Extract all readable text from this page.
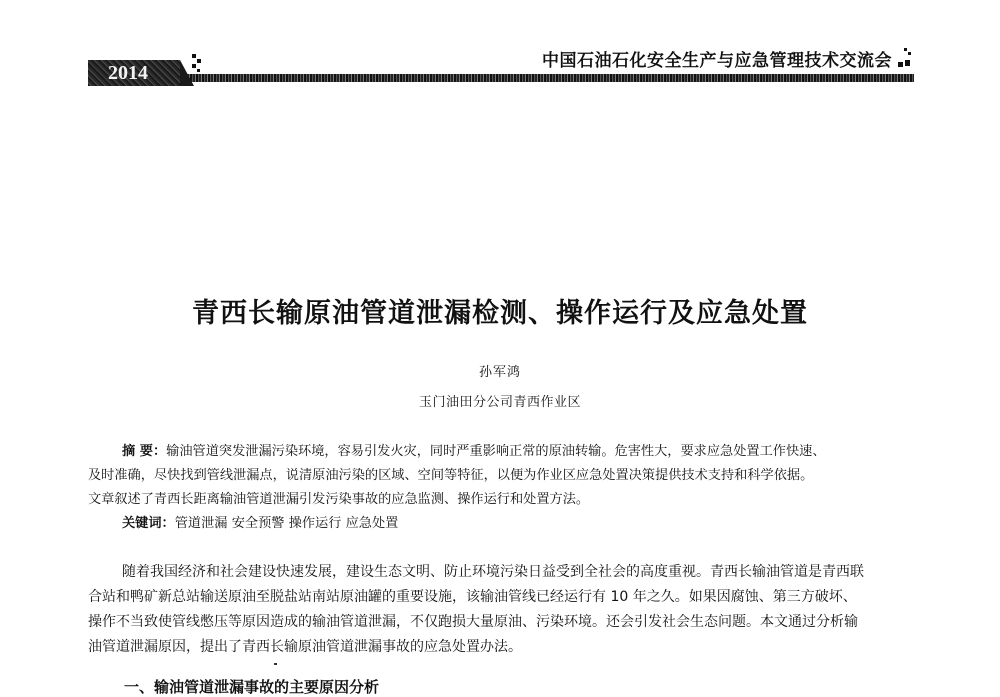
2014
中国石油石化安全生产与应急管理技术交流会
青西长输原油管道泄漏检测、操作运行及应急处置
孙军鸿
玉门油田分公司青西作业区
摘 要：输油管道突发泄漏污染环境，容易引发火灾，同时严重影响正常的原油转输。危害性大，要求应急处置工作快速、
及时准确，尽快找到管线泄漏点，说清原油污染的区域、空间等特征，以便为作业区应急处置决策提供技术支持和科学依据。
文章叙述了青西长距离输油管道泄漏引发污染事故的应急监测、操作运行和处置方法。
关键词：管道泄漏 安全预警 操作运行 应急处置
随着我国经济和社会建设快速发展，建设生态文明、防止环境污染日益受到全社会的高度重视。青西长输油管道是青西联
合站和鸭矿新总站输送原油至脱盐站南站原油罐的重要设施，该输油管线已经运行有 10 年之久。如果因腐蚀、第三方破坏、
操作不当致使管线憋压等原因造成的输油管道泄漏，不仅跑损大量原油、污染环境。还会引发社会生态问题。本文通过分析输
油管道泄漏原因，提出了青西长输原油管道泄漏事故的应急处置办法。
一、输油管道泄漏事故的主要原因分析
